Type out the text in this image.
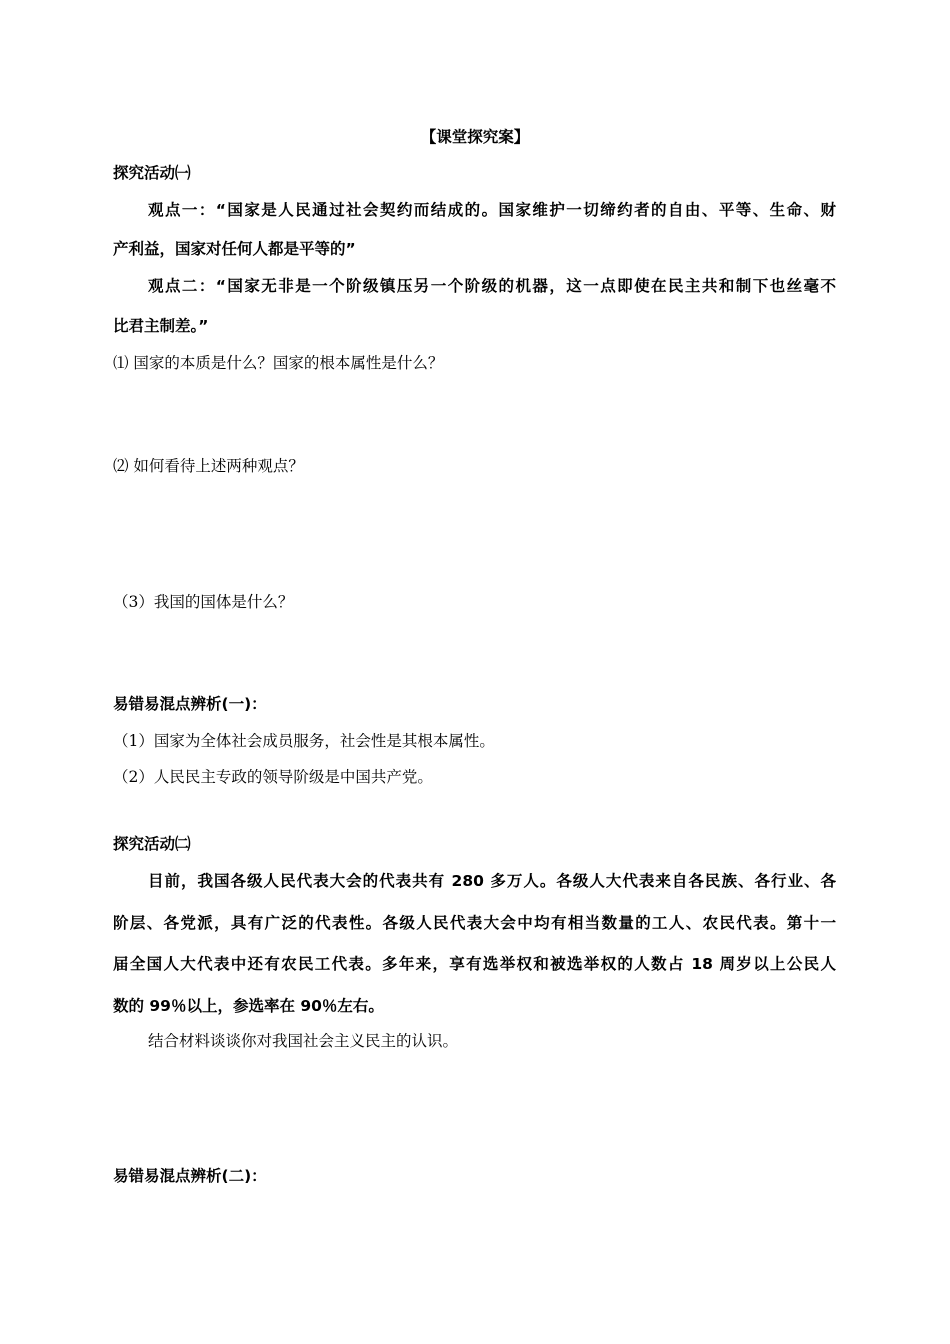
【课堂探究案】
探究活动㈠
观点一：“国家是人民通过社会契约而结成的。国家维护一切缔约者的自由、平等、生命、财
产利益，国家对任何人都是平等的”
观点二：“国家无非是一个阶级镇压另一个阶级的机器，这一点即使在民主共和制下也丝毫不
比君主制差。”
⑴ 国家的本质是什么？国家的根本属性是什么？
⑵ 如何看待上述两种观点？
（3）我国的国体是什么？
易错易混点辨析(一)：
（1）国家为全体社会成员服务，社会性是其根本属性。
（2）人民民主专政的领导阶级是中国共产党。
探究活动㈡
目前，我国各级人民代表大会的代表共有 280 多万人。各级人大代表来自各民族、各行业、各
阶层、各党派，具有广泛的代表性。各级人民代表大会中均有相当数量的工人、农民代表。第十一
届全国人大代表中还有农民工代表。多年来，享有选举权和被选举权的人数占 18 周岁以上公民人
数的 99％以上，参选率在 90％左右。
结合材料谈谈你对我国社会主义民主的认识。
易错易混点辨析(二)：
